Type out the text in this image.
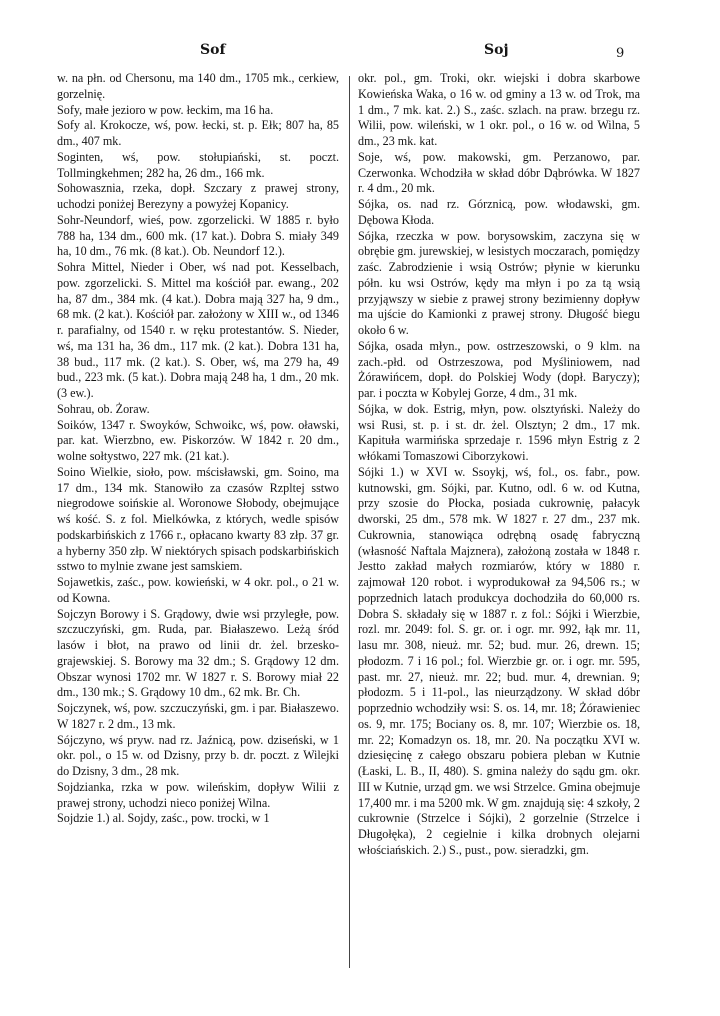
Sof	Soj	9

w. na płn. od Chersonu, ma 140 dm., 1705 mk., cerkiew, gorzelnię.

Sofy, małe jezioro w pow. łeckim, ma 16 ha.

Sofy al. Krokocze, wś, pow. łecki, st. p. Ełk; 807 ha, 85 dm., 407 mk.

Soginten, wś, pow. stołupiański, st. poczt. Tollmingkehmen; 282 ha, 26 dm., 166 mk.

Sohowasznia, rzeka, dopł. Szczary z prawej strony, uchodzi poniżej Berezyny a powyżej Kopanicy.

Sohr-Neundorf, wieś, pow. zgorzelicki. W 1885 r. było 788 ha, 134 dm., 600 mk. (17 kat.). Dobra S. miały 349 ha, 10 dm., 76 mk. (8 kat.). Ob. Neundorf 12.).

Sohra Mittel, Nieder i Ober, wś nad pot. Kesselbach, pow. zgorzelicki. S. Mittel ma kościół par. ewang., 202 ha, 87 dm., 384 mk. (4 kat.). Dobra mają 327 ha, 9 dm., 68 mk. (2 kat.). Kościół par. założony w XIII w., od 1346 r. parafialny, od 1540 r. w ręku protestantów. S. Nieder, wś, ma 131 ha, 36 dm., 117 mk. (2 kat.). Dobra 131 ha, 38 bud., 117 mk. (2 kat.). S. Ober, wś, ma 279 ha, 49 bud., 223 mk. (5 kat.). Dobra mają 248 ha, 1 dm., 20 mk. (3 ew.).

Sohrau, ob. Żoraw.

Soików, 1347 r. Swoyków, Schwoikc, wś, pow. oławski, par. kat. Wierzbno, ew. Piskorzów. W 1842 r. 20 dm., wolne sołtystwo, 227 mk. (21 kat.).

Soino Wielkie, sioło, pow. mścisławski, gm. Soino, ma 17 dm., 134 mk. Stanowiło za czasów Rzpltej sstwo niegrodowe soińskie al. Woronowe Słobody, obejmujące wś kość. S. z fol. Mielkówka, z których, wedle spisów podskarbińskich z 1766 r., opłacano kwarty 83 złp. 37 gr. a hyberny 350 złp. W niektórych spisach podskarbińskich sstwo to mylnie zwane jest samskiem.

Sojawetkis, zaśc., pow. kowieński, w 4 okr. pol., o 21 w. od Kowna.

Sojczyn Borowy i S. Grądowy, dwie wsi przyległe, pow. szczuczyński, gm. Ruda, par. Białaszewo. Leżą śród lasów i błot, na prawo od linii dr. żel. brzesko-grajewskiej. S. Borowy ma 32 dm.; S. Grądowy 12 dm. Obszar wynosi 1702 mr. W 1827 r. S. Borowy miał 22 dm., 130 mk.; S. Grądowy 10 dm., 62 mk. Br. Ch.

Sojczynek, wś, pow. szczuczyński, gm. i par. Białaszewo. W 1827 r. 2 dm., 13 mk.

Sójczyno, wś pryw. nad rz. Jaźnicą, pow. dziseński, w 1 okr. pol., o 15 w. od Dzisny, przy b. dr. poczt. z Wilejki do Dzisny, 3 dm., 28 mk.

Sojdzianka, rzka w pow. wileńskim, dopływ Wilii z prawej strony, uchodzi nieco poniżej Wilna.

Sojdzie 1.) al. Sojdy, zaśc., pow. trocki, w 1

okr. pol., gm. Troki, okr. wiejski i dobra skarbowe Kowieńska Waka, o 16 w. od gminy a 13 w. od Trok, ma 1 dm., 7 mk. kat. 2.) S., zaśc. szlach. na praw. brzegu rz. Wilii, pow. wileński, w 1 okr. pol., o 16 w. od Wilna, 5 dm., 23 mk. kat.

Soje, wś, pow. makowski, gm. Perzanowo, par. Czerwonka. Wchodziła w skład dóbr Dąbrówka. W 1827 r. 4 dm., 20 mk.

Sójka, os. nad rz. Górznicą, pow. włodawski, gm. Dębowa Kłoda.

Sójka, rzeczka w pow. borysowskim, zaczyna się w obrębie gm. jurewskiej, w lesistych moczarach, pomiędzy zaśc. Zabrodzienie i wsią Ostrów; płynie w kierunku półn. ku wsi Ostrów, kędy ma młyn i po za tą wsią przyjąwszy w siebie z prawej strony bezimienny dopływ ma ujście do Kamionki z prawej strony. Długość biegu około 6 w.

Sójka, osada młyn., pow. ostrzeszowski, o 9 klm. na zach.-płd. od Ostrzeszowa, pod Myśliniowem, nad Żórawińcem, dopł. do Polskiej Wody (dopł. Baryczy); par. i poczta w Kobylej Gorze, 4 dm., 31 mk.

Sójka, w dok. Estrig, młyn, pow. olsztyński. Należy do wsi Rusi, st. p. i st. dr. żel. Olsztyn; 2 dm., 17 mk. Kapituła warmińska sprzedaje r. 1596 młyn Estrig z 2 włókami Tomaszowi Ciborzykowi.

Sójki 1.) w XVI w. Ssoykj, wś, fol., os. fabr., pow. kutnowski, gm. Sójki, par. Kutno, odl. 6 w. od Kutna, przy szosie do Płocka, posiada cukrownię, pałacyk dworski, 25 dm., 578 mk. W 1827 r. 27 dm., 237 mk. Cukrownia, stanowiąca odrębną osadę fabryczną (własność Naftala Majznera), założoną została w 1848 r. Jestto zakład małych rozmiarów, który w 1880 r. zajmował 120 robot. i wyprodukował za 94,506 rs.; w poprzednich latach produkcya dochodziła do 60,000 rs. Dobra S. składały się w 1887 r. z fol.: Sójki i Wierzbie, rozl. mr. 2049: fol. S. gr. or. i ogr. mr. 992, łąk mr. 11, lasu mr. 308, nieuż. mr. 52; bud. mur. 26, drewn. 15; płodozm. 7 i 16 pol.; fol. Wierzbie gr. or. i ogr. mr. 595, past. mr. 27, nieuż. mr. 22; bud. mur. 4, drewnian. 9; płodozm. 5 i 11-pol., las nieurządzony. W skład dóbr poprzednio wchodziły wsi: S. os. 14, mr. 18; Żórawieniec os. 9, mr. 175; Bociany os. 8, mr. 107; Wierzbie os. 18, mr. 22; Komadzyn os. 18, mr. 20. Na początku XVI w. dziesięcinę z całego obszaru pobiera pleban w Kutnie (Łaski, L. B., II, 480). S. gmina należy do sądu gm. okr. III w Kutnie, urząd gm. we wsi Strzelce. Gmina obejmuje 17,400 mr. i ma 5200 mk. W gm. znajdują się: 4 szkoły, 2 cukrownie (Strzelce i Sójki), 2 gorzelnie (Strzelce i Długołęka), 2 cegielnie i kilka drobnych olejarni włościańskich. 2.) S., pust., pow. sieradzki, gm.
